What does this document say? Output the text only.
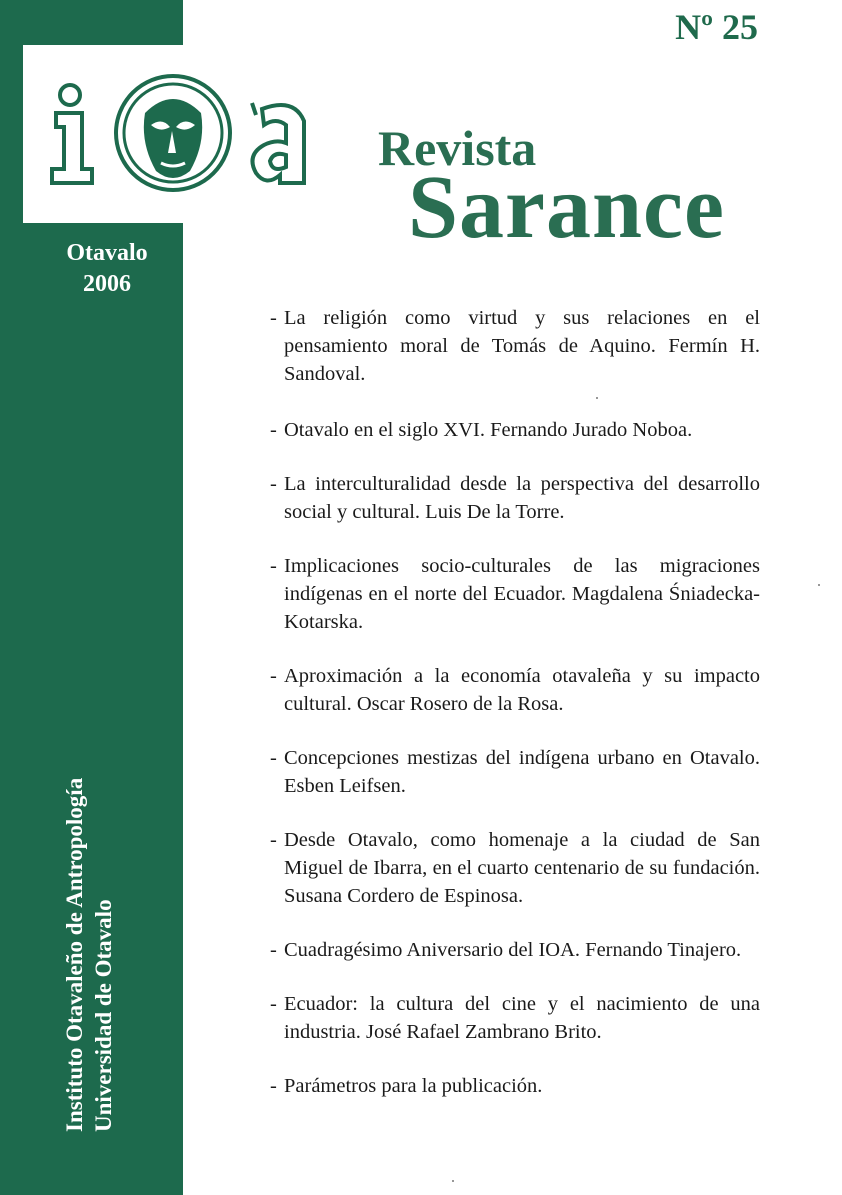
Otavalo
2006
Instituto Otavaleño de Antropología Universidad de Otavalo
Nº 25
Revista
Sarance
- La religión como virtud y sus relaciones en el pensamiento moral de Tomás de Aquino. Fermín H. Sandoval.
- Otavalo en el siglo XVI. Fernando Jurado Noboa.
- La interculturalidad desde la perspectiva del desarrollo social y cultural. Luis De la Torre.
- Implicaciones socio-culturales de las migraciones indígenas en el norte del Ecuador. Magdalena Śniadecka-Kotarska.
- Aproximación a la economía otavaleña y su impacto cultural. Oscar Rosero de la Rosa.
- Concepciones mestizas del indígena urbano en Otavalo. Esben Leifsen.
- Desde Otavalo, como homenaje a la ciudad de San Miguel de Ibarra, en el cuarto centenario de su fundación. Susana Cordero de Espinosa.
- Cuadragésimo Aniversario del IOA. Fernando Tinajero.
- Ecuador: la cultura del cine y el nacimiento de una industria. José Rafael Zambrano Brito.
- Parámetros para la publicación.
